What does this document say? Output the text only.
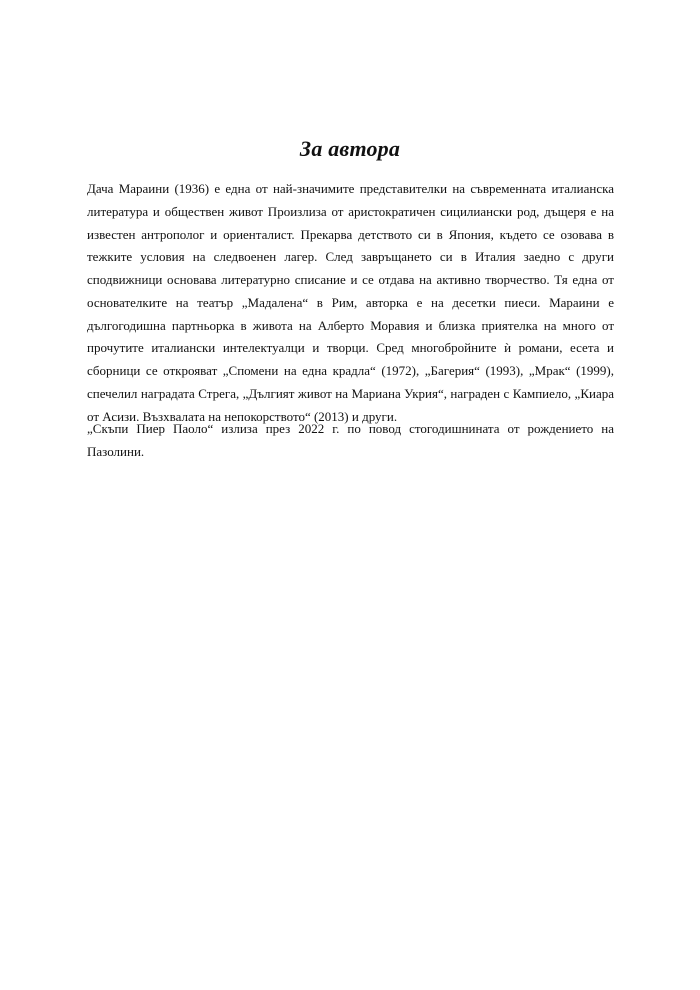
За автора

Дача Мараини (1936) е една от най-значимите представителки на съвременната италианска литература и обществен живот Произлиза от аристократичен сицилиански род, дъщеря е на известен антрополог и ориенталист. Прекарва детството си в Япония, където се озовава в тежките условия на следвоенен лагер. След завръщането си в Италия заедно с други сподвижници основава литературно списание и се отдава на активно творчество. Тя една от основателките на театър „Мадалена“ в Рим, авторка е на десетки пиеси. Мараини е дългогодишна партньорка в живота на Алберто Моравия и близка приятелка на много от прочутите италиански интелектуалци и творци. Сред многобройните ѝ романи, есета и сборници се открояват „Спомени на една крадла“ (1972), „Багерия“ (1993), „Мрак“ (1999), спечелил наградата Стрега, „Дългият живот на Мариана Укрия“, награден с Кампиело, „Киара от Асизи. Възхвалата на непокорството“ (2013) и други.

„Скъпи Пиер Паоло“ излиза през 2022 г. по повод стогодишнината от рождението на Пазолини.
